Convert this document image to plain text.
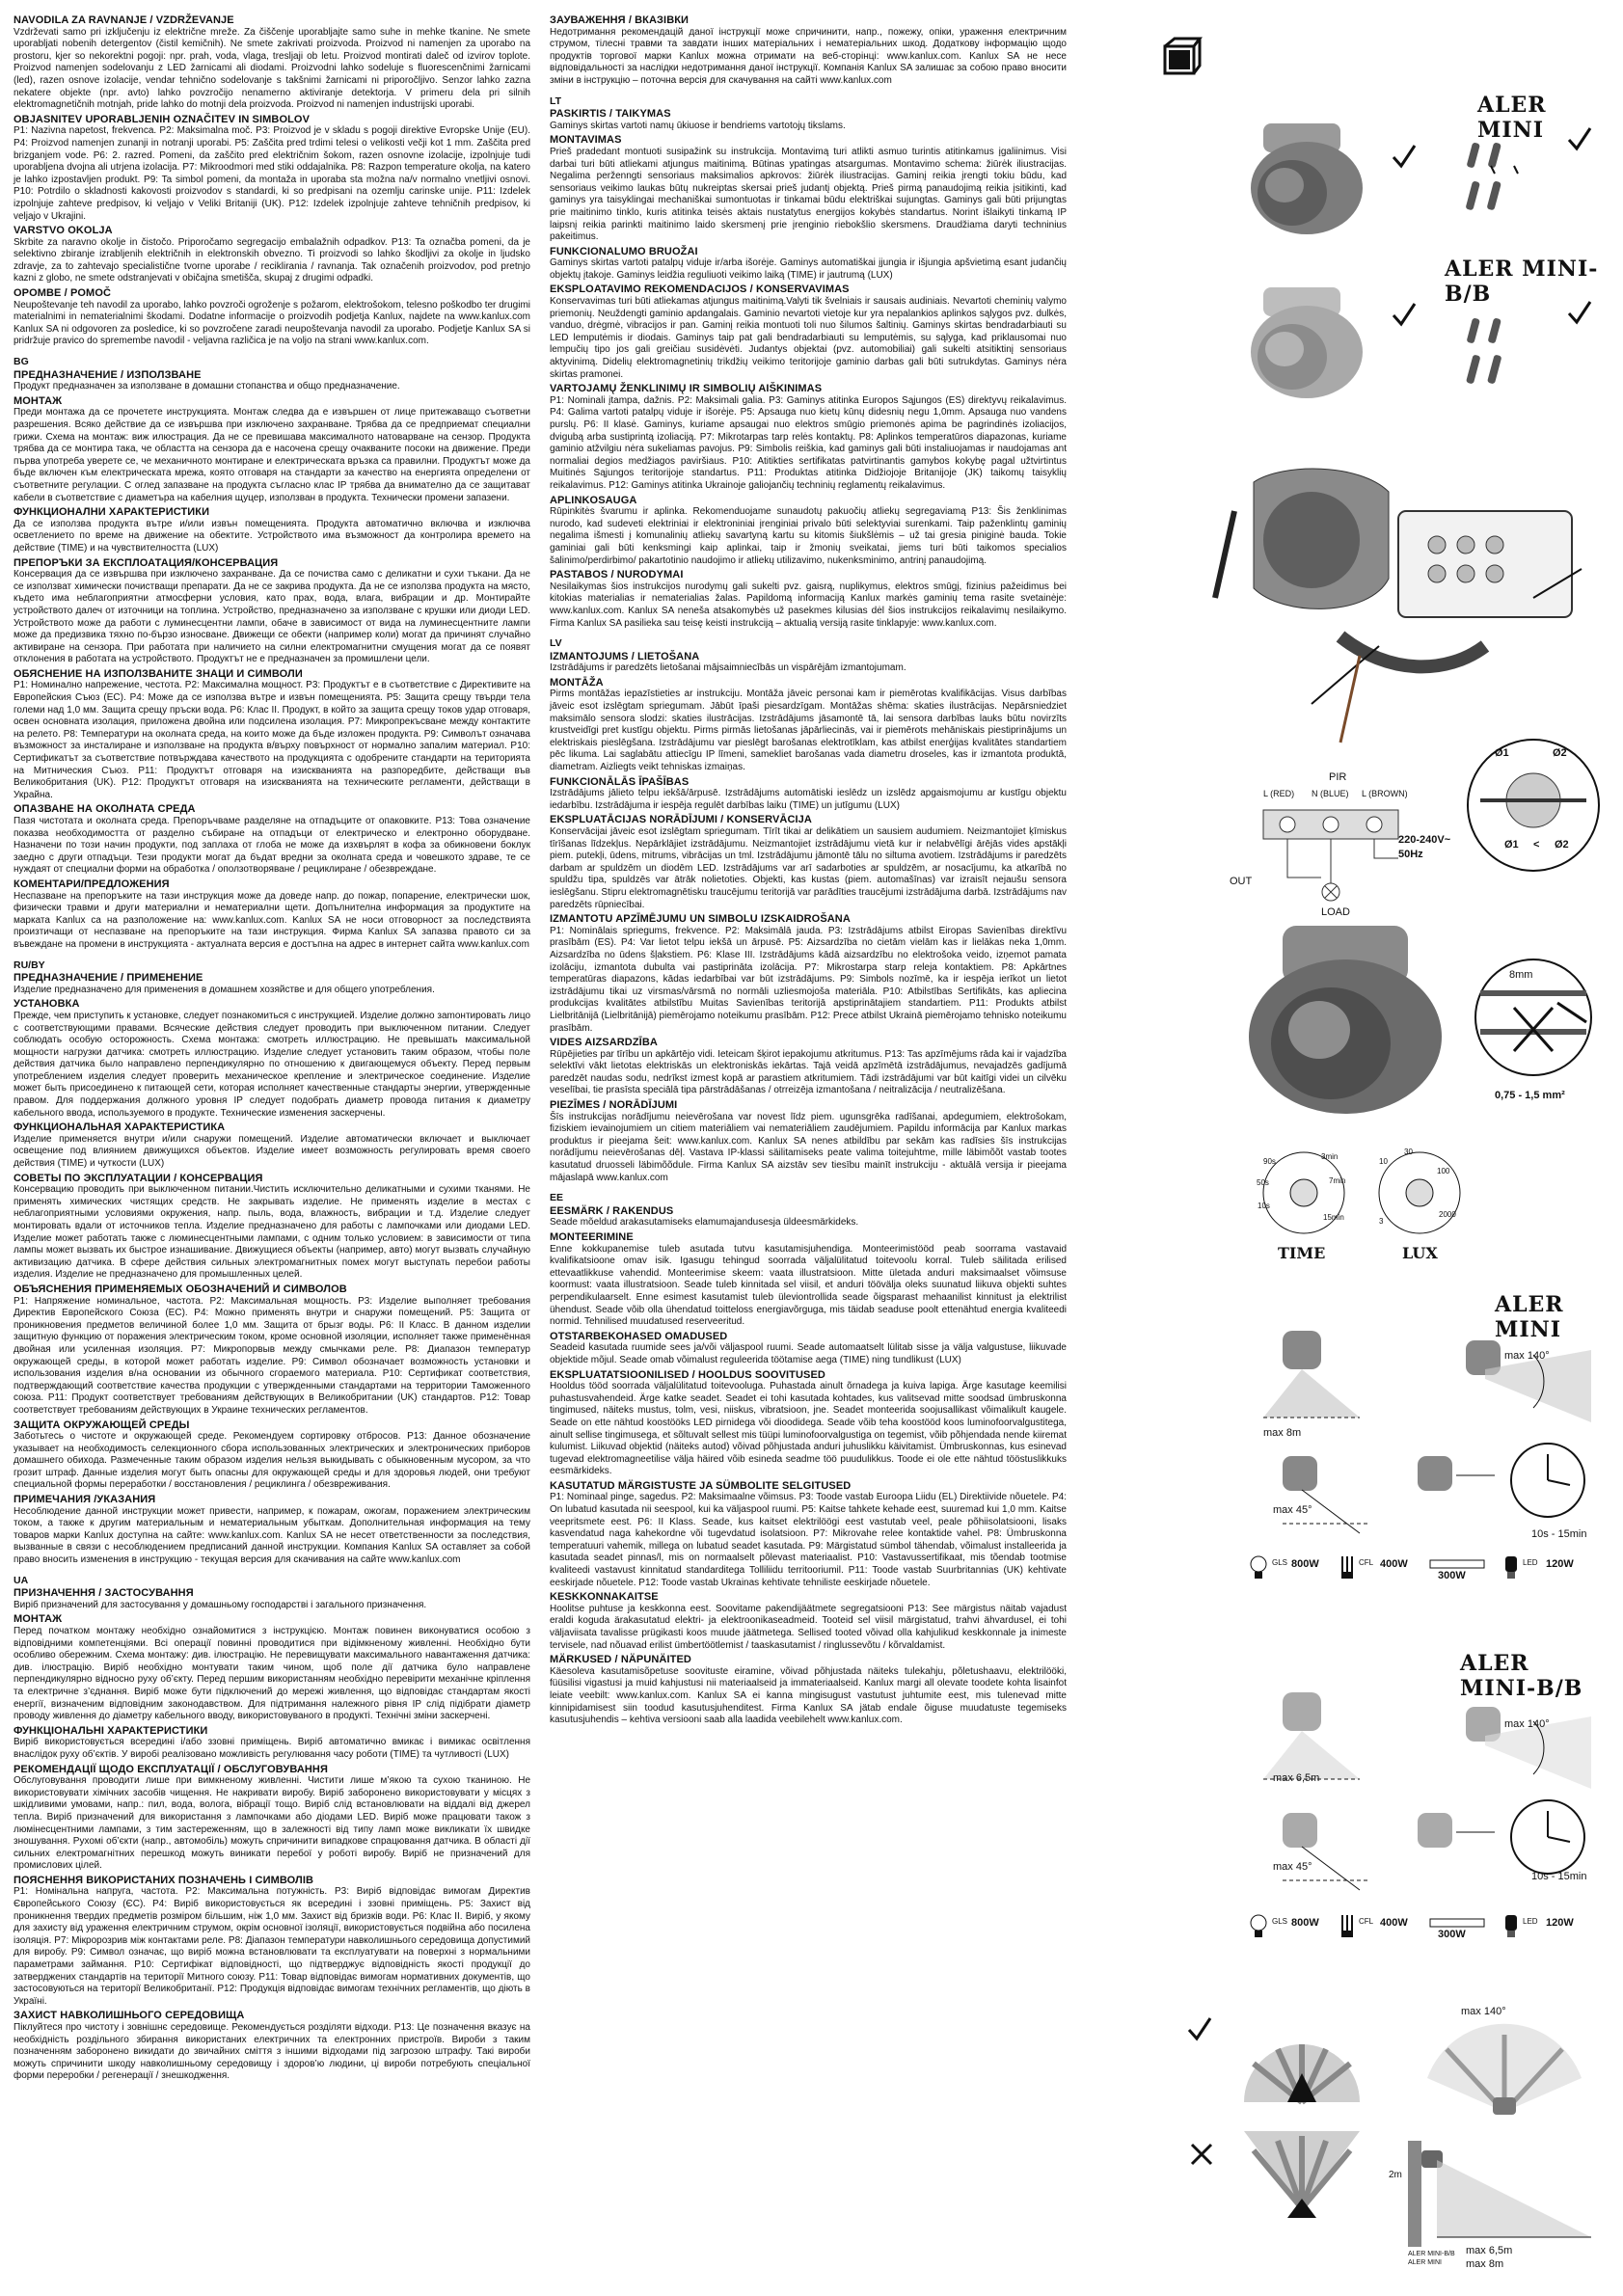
NAVODILA ZA RAVNANJE / VZDRŽEVANJE

Vzdrževati samo pri izključenju iz električne mreže. Za čiščenje uporabljajte samo suhe in mehke tkanine. Ne smete uporabljati nobenih detergentov (čistil kemičnih). Ne smete zakrivati proizvoda. Proizvod ni namenjen za uporabo na prostoru, kjer so nekorektni pogoji: npr. prah, voda, vlaga, tresljaji ob letu. Proizvod montirati daleč od izvirov toplote. Proizvod namenjen sodelovanju z LED žarnicami ali diodami. Proizvodni lahko sodeluje s fluorescenčnimi žarnicami (led), razen osnove izolacije, vendar tehnično sodelovanje s takšnimi žarnicami ni priporočljivo. Senzor lahko zazna nekatere objekte (npr. avto) lahko povzročijo nenamerno aktiviranje detektorja. V primeru dela pri silnih elektromagnetičnih motnjah, pride lahko do motnji dela proizvoda. Proizvod ni namenjen industrijski uporabi.

OBJASNITEV UPORABLJENIH OZNAČITEV IN SIMBOLOV

P1: Nazivna napetost, frekvenca. P2: Maksimalna moč. P3: Proizvod je v skladu s pogoji direktive Evropske Unije (EU). P4: Proizvod namenjen zunanji in notranji uporabi. P5: Zaščita pred trdimi telesi o velikosti večji kot 1 mm. Zaščita pred brizganjem vode. P6: 2. razred. Pomeni, da zaščito pred električnim šokom, razen osnovne izolacije, izpolnjuje tudi uporabljena dvojna ali utrjena izolacija. P7: Mikroodmori med stiki oddajalnika. P8: Razpon temperature okolja, na katero je lahko izpostavljen produkt. P9: Ta simbol pomeni, da montaža in uporaba sta možna na/v normalno vnetljivi osnovi. P10: Potrdilo o skladnosti kakovosti proizvodov s standardi, ki so predpisani na ozemlju carinske unije. P11: Izdelek izpolnjuje zahteve predpisov, ki veljajo v Veliki Britaniji (UK). P12: Izdelek izpolnjuje zahteve tehničnih predpisov, ki veljajo v Ukrajini.

VARSTVO OKOLJA

Skrbite za naravno okolje in čistočo. Priporočamo segregacijo embalažnih odpadkov. P13: Ta označba pomeni, da je selektivno zbiranje izrabljenih električnih in elektronskih obvezno. Ti proizvodi so lahko škodljivi za okolje in ljudsko zdravje, za to zahtevajo specialistične tvorne uporabe / reciklirania / ravnanja. Tak označenih proizvodov, pod pretnjo kazni z globo, ne smete odstranjevati v običajna smetišča, skupaj z drugimi odpadki.

OPOMBE / POMOČ

Neupoštevanje teh navodil za uporabo, lahko povzroči ogroženje s požarom, elektrošokom, telesno poškodbo ter drugimi materialnimi in nematerialnimi škodami. Dodatne informacije o proizvodih podjetja Kanlux, najdete na www.kanlux.com Kanlux SA ni odgovoren za posledice, ki so povzročene zaradi neupoštevanja navodil za uporabo. Podjetje Kanlux SA si pridržuje pravico do spremembe navodil - veljavna različica je na voljo na strani www.kanlux.com.

BG
ПРЕДНАЗНАЧЕНИЕ / ИЗПОЛЗВАНЕ

Продукт предназначен за използване в домашни стопанства и общо предназначение.

МОНТАЖ

Преди монтажа да се прочетете инструкцията. Монтаж следва да е извършен от лице притежаващо съответни разрешения. Всяко действие да се извършва при изключено захранване. Трябва да се предприемат специални грижи. Схема на монтаж: виж илюстрация. Да не се превишава максималното натоварване на сензор. Продукта трябва да се монтира така, че областта на сензора да е насочена срещу очакваните посоки на движение. Преди първа употреба уверете се, че механичното монтиране и електрическата връзка са правилни. Продуктът може да бъде включен към електрическата мрежа, която отговаря на стандарти за качество на енергията определени от съответните регулации. С оглед запазване на продукта съгласно клас IP трябва да внимателно да се защитават кабели в съответствие с диаметъра на кабелния щуцер, използван в продукта. Технически промени запазени.

ФУНКЦИОНАЛНИ ХАРАКТЕРИСТИКИ

Да се използва продукта вътре и/или извън помещенията. Продукта автоматично включва и изключва осветлението по време на движение на обектите. Устройството има възможност да контролира времето на действие (TIME) и на чувствителността (LUX)

ПРЕПОРЪКИ ЗА ЕКСПЛОАТАЦИЯ/КОНСЕРВАЦИЯ

Консервация да се извършва при изключено захранване. Да се почиства само с деликатни и сухи тъкани. Да не се използват химически почистващи препарати. Да не се закрива продукта. Да не се използва продукта на място, където има неблагоприятни атмосферни условия, като прах, вода, влага, вибрации и др. Монтирайте устройството далеч от източници на топлина. Устройство, предназначено за използване с крушки или диоди LED. Устройството може да работи с луминесцентни лампи, обаче в зависимост от вида на луминесцентните лампи може да предизвика тяхно по-бързо износване. Движещи се обекти (например коли) могат да причинят случайно активиране на сензора. При работата при наличието на силни електромагнитни смущения могат да се появят отклонения в работата на устройството. Продуктът не е предназначен за промишлени цели.

ОБЯСНЕНИЕ НА ИЗПОЛЗВАНИТЕ ЗНАЦИ И СИМВОЛИ

P1: Номинално напрежение, честота. P2: Максимална мощност. P3: Продуктът е в съответствие с Директивите на Европейския Съюз (ЕС). P4: Може да се използва вътре и извън помещенията. P5: Защита срещу твърди тела големи над 1,0 мм. Защита срещу пръски вода. P6: Клас II. Продукт, в който за защита срещу токов удар отговаря, освен основната изолация, приложена двойна или подсилена изолация. P7: Микропрекъсване между контактите на релето. P8: Температури на околната среда, на които може да бъде изложен продукта. P9: Символът означава възможност за инсталиране и използване на продукта в/върху повърхност от нормално запалим материал. P10: Сертификатът за съответствие потвърждава качеството на продукцията с одобрените стандарти на територията на Митническия Съюз. P11: Продуктът отговаря на изискванията на разпоредбите, действащи във Великобритания (UK). P12: Продуктът отговаря на изискванията на техническите регламенти, действащи в Украйна.

ОПАЗВАНЕ НА ОКОЛНАТА СРЕДА

Пазя чистотата и околната среда. Препоръчваме разделяне на отпадъците от опаковките. P13: Това означение показва необходимостта от разделно събиране на отпадъци от електрическо и електронно оборудване. Назначени по този начин продукти, под заплаха от глоба не може да изхвърлят в кофа за обикновени боклук заедно с други отпадъци. Тези продукти могат да бъдат вредни за околната среда и човешкото здраве, те се нуждаят от специални форми на обработка / оползотворяване / рециклиране / обезвреждане.

КОМЕНТАРИ/ПРЕДЛОЖЕНИЯ

Неспазване на препоръките на тази инструкция може да доведе напр. до пожар, попарение, електрически шок, физически травми и други материални и нематериални щети. Допълнителна информация за продуктите на марката Kanlux са на разположение на: www.kanlux.com. Kanlux SA не носи отговорност за последствията произтичащи от неспазване на препоръките на тази инструкция. Фирма Kanlux SA запазва правото си за въвеждане на промени в инструкцията - актуалната версия е достъпна на адрес в интернет сайта www.kanlux.com

RU/BY
ПРЕДНАЗНАЧЕНИЕ / ПРИМЕНЕНИЕ

Изделие предназначено для применения в домашнем хозяйстве и для общего употребления.

УСТАНОВКА

Прежде, чем приступить к установке, следует познакомиться с инструкцией. Изделие должно заmонтировать лицо с соответствующими правами. Всяческие действия следует проводить при выключенном питании. Следует соблюдать особую осторожность. Схема монтажа: смотреть иллюстрацию. Не превышать максимальной мощности нагрузки датчика: смотреть иллюстрацию. Изделие следует установить таким образом, чтобы поле действия датчика было направлено перпендикулярно по отношению к двигающемуся объекту. Перед первым употреблением изделия следует проверить механическое крепление и электрическое соединение. Изделие может быть присоединено к питающей сети, которая исполняет качественные стандарты энергии, утвержденные правом. Для поддержания должного уровня IP следует подобрать диаметр провода питания к диаметру кабельного ввода, используемого в продукте. Технические изменения заскерчены.

ФУНКЦИОНАЛЬНАЯ ХАРАКТЕРИСТИКА

Изделие применяется внутри и/или снаружи помещений. Изделие автоматически включает и выключает освещение под влиянием движущихся объектов. Изделие имеет возможность регулировать время своего действия (TIME) и чуткости (LUX)

СОВЕТЫ ПО ЭКСПЛУАТАЦИИ / КОНСЕРВАЦИЯ

Консервацию проводить при выключенном питании.Чистить исключительно деликатными и сухими тканями. Не применять химических чистящих средств. Не закрывать изделие. Не применять изделие в местах с неблагоприятными условиями окружения, напр. пыль, вода, влажность, вибрации и т.д. Изделие следует монтировать вдали от источников тепла. Изделие предназначено для работы с лампочками или диодами LED. Изделие может работать также с люминесцентными лампами, с одним только условием: в зависимости от типа лампы может вызвать их быстрое изнашивание. Движущиеся объекты (например, авто) могут вызвать случайную активизацию датчика. В сфере действия сильных электромагнитных помех могут выступать перебои работы изделия. Изделие не предназначено для промышленных целей.

ОБЪЯСНЕНИЯ ПРИМЕНЯЕМЫХ ОБОЗНАЧЕНИЙ И СИМВОЛОВ

P1: Напряжение номинальное, частота. P2: Максимальная мощность. P3: Изделие выполняет требования Директив Европейского Союза (ЕС). P4: Можно применять внутри и снаружи помещений. P5: Защита от проникновения предметов величиной более 1,0 мм. Защита от брызг воды. P6: II Класс. В данном изделии защитную функцию от поражения электрическим током, кроме основной изоляции, исполняет также применённая двойная или усиленная изоляция. P7: Микропорвыв между смычками реле. P8: Диапазон температур окружающей среды, в которой может работать изделие. P9: Символ обозначает возможность установки и использования изделия в/на основании из обычного сгораемого материала. P10: Сертификат соответствия, подтверждающий соответствие качества продукции с утвержденными стандартами на территории Таможенного союза. P11: Продукт соответствует требованиям действующих в Великобритании (UK) стандартов. P12: Товар соответствует требованиям действующих в Украине технических регламентов.

ЗАЩИТА ОКРУЖАЮЩЕЙ СРЕДЫ

Заботьтесь о чистоте и окружающей среде. Рекомендуем сортировку отбросов. P13: Данное обозначение указывает на необходимость селекционного сбора использованных электрических и электронических приборов домашнего обихода. Размеченные таким образом изделия нельзя выкидывать с обыкновенным мусором, за что грозит штраф. Данные изделия могут быть опасны для окружающей среды и для здоровья людей, они требуют специальной формы переработки / восстановления / рециклинга / обезвреживания.

ПРИМЕЧАНИЯ /УКАЗАНИЯ

Несоблюдение данной инструкции может привести, например, к пожарам, ожогам, поражением электрическим током, а также к другим материальным и нематериальным убыткам. Дополнительная информация на тему товаров марки Kanlux доступна на сайте: www.kanlux.com. Kanlux SA не несет ответственности за последствия, вызванные в связи с несоблюдением предписаний данной инструкции. Компания Kanlux SA оставляет за собой право вносить изменения в инструкцию - текущая версия для скачивания на сайте www.kanlux.com

UA
ПРИЗНАЧЕННЯ / ЗАСТОСУВАННЯ

Виріб призначений для застосування у домашньому господарстві і загального призначення.

МОНТАЖ

Перед початком монтажу необхідно ознайомитися з інструкцією. Монтаж повинен виконуватися особою з відповідними компетенціями. Всі операції повинні проводитися при відімкненому живленні. Необхідно бути особливо обережним. Схема монтажу: див. ілюстрацію. Не перевищувати максимального навантаження датчика: див. ілюстрацію. Виріб необхідно монтувати таким чином, щоб поле дії датчика було направлене перпендикулярно відносно руху об’єкту. Перед першим використанням необхідно перевірити механічне кріплення та електричне з’єднання. Виріб може бути підключений до мережі живлення, що відповідає стандартам якості енергії, визначеним відповідним законодавством. Для підтримання належного рівня IP слід підібрати діаметр проводу живлення до діаметру кабельного вводу, використовуваного в продукті. Технічні зміни заскерчені.

ФУНКЦІОНАЛЬНІ ХАРАКТЕРИСТИКИ

Виріб використовується всередині і/або ззовні приміщень. Виріб автоматично вмикає і вимикає освітлення внаслідок руху об’єктів. У виробі реалізовано можливість регулювання часу роботи (TIME) та чутливості (LUX)

РЕКОМЕНДАЦІЇ ЩОДО ЕКСПЛУАТАЦІЇ / ОБСЛУГОВУВАННЯ

Обслуговування проводити лише при вимкненому живленні. Чистити лише м’якою та сухою тканиною. Не використовувати хімічних засобів чищення. Не накривати виробу. Виріб заборонено використовувати у місцях з шкідливими умовами, напр.: пил, вода, волога, вібрації тощо. Виріб слід встановлювати на віддалі від джерел тепла. Виріб призначений для використання з лампочками або діодами LED. Виріб може працювати також з люмінесцентними лампами, з тим застереженням, що в залежності від типу ламп може викликати їх швидке зношування. Рухомі об’єкти (напр., автомобіль) можуть спричинити випадкове спрацювання датчика. В області дії сильних електромагнітних перешкод можуть виникати перебої у роботі виробу. Виріб не призначений для промислових цілей.

ПОЯСНЕННЯ ВИКОРИСТАНИХ ПОЗНАЧЕНЬ І СИМВОЛІВ

P1: Номінальна напруга, частота. P2: Максимальна потужність. P3: Виріб відповідає вимогам Директив Європейського Союзу (ЄС). P4: Виріб використовується як всередині і ззовні приміщень. P5: Захист від проникнення твердих предметів розміром більшим, ніж 1,0 мм. Захист від бризків води. P6: Клас II. Виріб, у якому для захисту від ураження електричним струмом, окрім основної ізоляції, використовується подвійна або посилена ізоляція. P7: Мікророзрив між контактами реле. P8: Діапазон температури навколишнього середовища допустимий для виробу. P9: Символ означає, що виріб можна встановлювати та експлуатувати на поверхні з нормальними параметрами займання. P10: Сертифікат відповідності, що підтверджує відповідність якості продукції до затверджених стандартів на території Митного союзу. P11: Товар відповідає вимогам нормативних документів, що застосовуються на території Великобританії. P12: Продукція відповідає вимогам технічних регламентів, що діють в Україні.

ЗАХИСТ НАВКОЛИШНЬОГО СЕРЕДОВИЩА

Піклуйтеся про чистоту і зовнішнє середовище. Рекомендується розділяти відходи. P13: Це позначення вказує на необхідність роздільного збирання використаних електричних та електронних пристроїв. Вироби з таким позначенням заборонено викидати до звичайних сміття з іншими відходами під загрозою штрафу. Такі вироби можуть спричинити шкоду навколишньому середовищу і здоров’ю людини, ці вироби потребують спеціальної форми переробки / регенерації / знешкодження.

ЗАУВАЖЕННЯ / ВКАЗІВКИ

Недотримання рекомендацій даної інструкції може спричинити, напр., пожежу, опіки, ураження електричним струмом, тілесні травми та завдати інших матеріальних і нематеріальних шкод. Додаткову інформацію щодо продуктів торгової марки Kanlux можна отримати на веб-сторінці: www.kanlux.com. Kanlux SA не несе відповідальності за наслідки недотримання даної інструкції. Компанія Kanlux SA залишає за собою право вносити зміни в інструкцію – поточна версія для скачування на сайті www.kanlux.com

LT
PASKIRTIS / TAIKYMAS

Gaminys skirtas vartoti namų ūkiuose ir bendriems vartotojų tikslams.

MONTAVIMAS

Prieš pradedant montuoti susipažink su instrukcija. Montavimą turi atlikti asmuo turintis atitinkamus įgaliinimus. Visi darbai turi būti atliekami atjungus maitinimą. Būtinas ypatingas atsargumas. Montavimo schema: žiūrėk iliustracijas. Negalima perženngti sensoriaus maksimalios apkrovos: žiūrėk iliustracijas. Gaminį reikia įrengti tokiu būdu, kad sensoriaus veikimo laukas būtų nukreiptas skersai prieš judantį objektą. Prieš pirmą panaudojimą reikia įsitikinti, kad gaminys yra taisyklingai mechaniškai sumontuotas ir tinkamai būdu elektriškai sujungtas. Gaminys gali būti prijungtas prie maitinimo tinklo, kuris atitinka teisės aktais nustatytus energijos kokybės standartus. Norint išlaikyti tinkamą IP laipsnį reikia parinkti maitinimo laido skersmenį prie įrenginio riebokšlio skersmens. Draudžiama daryti techninius pakeitimus.

FUNKCIONALUMO BRUOŽAI

Gaminys skirtas vartoti patalpų viduje ir/arba išorėje. Gaminys automatiškai įjungia ir išjungia apšvietimą esant judančių objektų įtakoje. Gaminys leidžia reguliuoti veikimo laiką (TIME) ir jautrumą (LUX)

EKSPLOATAVIMO REKOMENDACIJOS / KONSERVAVIMAS

Konservavimas turi būti atliekamas atjungus maitinimą.Valyti tik švelniais ir sausais audiniais. Nevartoti cheminių valymo priemonių. Neuždengti gaminio apdangalais. Gaminio nevartoti vietoje kur yra nepalankios aplinkos sąlygos pvz. dulkės, vanduo, drėgmė, vibracijos ir pan. Gaminį reikia montuoti toli nuo šilumos šaltinių. Gaminys skirtas bendradarbiauti su LED lemputėmis ir diodais. Gaminys taip pat gali bendradarbiauti su lemputėmis, su sąlyga, kad priklausomai nuo lempučių tipo jos gali greičiau susidėvėti. Judantys objektai (pvz. automobiliai) gali sukelti atsitiktinį sensoriaus aktyvinimą. Didelių elektromagnetinių trikdžių veikimo teritorijoje gaminio darbas gali būti sutrukdytas. Gaminys nėra skirtas pramonei.

VARTOJAMŲ ŽENKLINIMŲ IR SIMBOLIŲ AIŠKINIMAS

P1: Nominali įtampa, dažnis. P2: Maksimali galia. P3: Gaminys atitinka Europos Sąjungos (ES) direktyvų reikalavimus. P4: Galima vartoti patalpų viduje ir išorėje. P5: Apsauga nuo kietų kūnų didesnių negu 1,0mm. Apsauga nuo vandens purslų. P6: II klasė. Gaminys, kuriame apsaugai nuo elektros smūgio priemonės apima be pagrindinės izoliacijos, dvigubą arba sustiprintą izoliaciją. P7: Mikrotarpas tarp relės kontaktų. P8: Aplinkos temperatūros diapazonas, kuriame gaminio atžvilgiu nėra sukeliamas pavojus. P9: Simbolis reiškia, kad gaminys gali būti instaliuojamas ir naudojamas ant normaliai degios medžiagos paviršiaus. P10: Atitikties sertifikatas patvirtinantis gamybos kokybę pagal užtvirtintus Muitinės Sąjungos teritorijoje standartus. P11: Produktas atitinka Didžiojoje Britanijoje (JK) taikomų taisyklių reikalavimus. P12: Gaminys atitinka Ukrainoje galiojančių techninių reglamentų reikalavimus.

APLINKOSAUGA

Rūpinkitės švarumu ir aplinka. Rekomenduojame sunaudotų pakuočių atliekų segregaviamą P13: Šis ženklinimas nurodo, kad sudeveti elektriniai ir elektroniniai įrenginiai privalo būti selektyviai surenkami. Taip paženklintų gaminių negalima išmesti į komunalinių atliekų savartyną kartu su kitomis šiukšlėmis – už tai gresia piniginė bauda. Tokie gaminiai gali būti kenksmingi kaip aplinkai, taip ir žmonių sveikatai, jiems turi būti taikomos specialios šalinimo/perdirbimo/ pakartotinio naudojimo ir atliekų utilizavimo, nukenksminimo, antrinį panaudojimą.

PASTABOS / NURODYMAI

Nesilaikymas šios instrukcijos nurodymų gali sukelti pvz. gaisrą, nuplikymus, elektros smūgį, fizinius pažeidimus bei kitokias materialias ir nematerialias žalas. Papildomą informaciją Kanlux markės gaminių tema rasite svetainėje: www.kanlux.com. Kanlux SA neneša atsakomybės už pasekmes kilusias dėl šios instrukcijos reikalavimų nesilaikymo. Firma Kanlux SA pasilieka sau teisę keisti instrukciją – aktualią versiją rasite tinklapyje: www.kanlux.com.

LV
IZMANTOJUMS / LIETOŠANA

Izstrādājums ir paredzēts lietošanai mājsaimniecībās un vispārējām izmantojumam.

MONTĀŽA

Pirms montāžas iepazīstieties ar instrukciju. Montāža jāveic personai kam ir piemērotas kvalifikācijas. Visus darbības jāveic esot izslēgtam spriegumam. Jābūt īpaši piesardzīgam. Montāžas shēma: skaties ilustrācijas. Nepārsniedziet maksimālo sensora slodzi: skaties ilustrācijas. Izstrādājums jāsamontē tā, lai sensora darbības lauks būtu novirzīts krustveidīgi pret kustīgu objektu. Pirms pirmās lietošanas jāpārliecinās, vai ir piemērots mehāniskais piestiprinājums un elektriskais pieslēgšana. Izstrādājumu var pieslēgt barošanas elektrotīklam, kas atbilst enerģijas kvalitātes standartiem pēc likuma. Lai saglabātu attiecīgu IP līmeni, samekliet barošanas vada diametru droseles, kas ir izmantota produktā, diametram. Aizliegts veikt tehniskas izmaiņas.

FUNKCIONĀLĀS ĪPAŠĪBAS

Izstrādājums jālieto telpu iekšā/ārpusē. Izstrādājums automātiski ieslēdz un izslēdz apgaismojumu ar kustīgu objektu iedarbību. Izstrādājuma ir iespēja regulēt darbības laiku (TIME) un jutīgumu (LUX)

EKSPLUATĀCIJAS NORĀDĪJUMI / KONSERVĀCIJA

Konservācijai jāveic esot izslēgtam spriegumam. Tīrīt tikai ar delikātiem un sausiem audumiem. Neizmantojiet ķīmiskus tīrīšanas līdzekļus. Nepārklājiet izstrādājumu. Neizmantojiet izstrādājumu vietā kur ir nelabvēlīgi ārējās vides apstākļi piem. putekļi, ūdens, mitrums, vibrācijas un tml. Izstrādājumu jāmontē tālu no siltuma avotiem. Izstrādājums ir paredzēts darbam ar spuldzēm un diodēm LED. Izstrādājums var arī sadarboties ar spuldzēm, ar nosacījumu, ka atkarībā no spuldžu tipa, spuldzēs var ātrāk nolietoties. Objekti, kas kustas (piem. automašīnas) var izraisīt nejaušu sensora ieslēgšanu. Stipru elektromagnētisku traucējumu teritorijā var parādīties traucējumi izstrādājuma darbā. Izstrādājums nav paredzēts rūpniecībai.

IZMANTOTU APZĪMĒJUMU UN SIMBOLU IZSKAIDROŠANA

P1: Nominālais spriegums, frekvence. P2: Maksimālā jauda. P3: Izstrādājums atbilst Eiropas Savienības direktīvu prasībām (ES). P4: Var lietot telpu iekšā un ārpusē. P5: Aizsardzība no cietām vielām kas ir lielākas neka 1,0mm. Aizsardzība no ūdens šļakstiem. P6: Klase III. Izstrādājums kādā aizsardzību no elektrošoka veido, izņemot pamata izolāciju, izmantota dubulta vai pastiprināta izolācija. P7: Mikrostarpa starp releja kontaktiem. P8: Apkārtnes temperatūras diapazons, kādas iedarbībai var būt izstrādājums. P9: Simbols nozīmē, ka ir iespēja ierīkot un lietot izstrādājumu tikai uz virsmas/vārsmā no normāli uzliesmojoša materiāla. P10: Atbilstības Sertifikāts, kas apliecina produkcijas kvalitātes atbilstību Muitas Savienības teritorijā apstiprinātajiem standartiem. P11: Produkts atbilst Lielbritānijā (Lielbritānijā) piemērojamo noteikumu prasībām. P12: Prece atbilst Ukrainā piemērojamo tehnisko noteikumu prasībām.

VIDES AIZSARDZĪBA

Rūpējieties par tīrību un apkārtējo vidi. Ieteicam šķirot iepakojumu atkritumus. P13: Tas apzīmējums rāda kai ir vajadzība selektīvi vākt lietotas elektriskās un elektroniskās iekārtas. Tajā veidā apzīmētā izstrādājumus, nevajadzēs gadījumā paredzēt naudas sodu, nedrīkst izmest kopā ar parastiem atkritumiem. Tādi izstrādājumi var būt kaitīgi videi un cilvēku veselībai, tie prasīsta speciālā tipa pārstrādāšanas / otrreizēja izmantošana / neitralizācija / neutralizēšana.

PIEZĪMES / NORĀDĪJUMI

Šīs instrukcijas norādījumu neievērošana var novest līdz piem. ugunsgrēka radīšanai, apdegumiem, elektrošokam, fiziskiem ievainojumiem un citiem materiāliem vai nemateriāliem zaudējumiem. Papildu informācija par Kanlux markas produktus ir pieejama šeit: www.kanlux.com. Kanlux SA nenes atbildību par sekām kas radīsies šīs instrukcijas norādījumu neievērošanas dēļ. Vastava IP-klassi säilitamiseks peate valima toitejuhtme, mille läbimõõt vastab tootes kasutatud druosseli läbimõõdule. Firma Kanlux SA aizstāv sev tiesību mainīt instrukciju - aktuālā versija ir pieejama mājaslapā www.kanlux.com

EE
EESMÄRK / RAKENDUS

Seade mõeldud arakasutamiseks elamumajandusesja üldeesmärkideks.

MONTEERIMINE

Enne kokkupanemise tuleb asutada tutvu kasutamisjuhendiga. Monteerimistööd peab soorrama vastavaid kvalifikatsioone omav isik. Igasugu tehingud soorrada väljalülitatud toitevoolu korral. Tuleb säilitada erilised ettevaatlikkuse vahendid. Monteerimise skeem: vaata illustratsioon. Mitte ületada anduri maksimaalset võimsuse koormust: vaata illustratsioon. Seade tuleb kinnitada sel viisil, et anduri töövälja oleks suunatud liikuva objekti suhtes perpendikulaarselt. Enne esimest kasutamist tuleb üleviontrollida seade õigsparast mehaanilist kinnitust ja elektrilist ühendust. Seade võib olla ühendatud toitteloss energiavõrguga, mis täidab seaduse poolt ettenähtud energia kvaliteedi normid. Tehnilised muudatused reserveeritud.

OTSTARBEKOHASED OMADUSED

Seadeid kasutada ruumide sees ja/või väljaspool ruumi. Seade automaatselt lülitab sisse ja välja valgustuse, liikuvade objektide mõjul. Seade omab võimalust reguleerida töötamise aega (TIME) ning tundlikust (LUX)

EKSPLUATATSIOONILISED / HOOLDUS SOOVITUSED

Hooldus tööd soorrada väljalülitatud toitevooluga. Puhastada ainult õrnadega ja kuiva lapiga. Ärge kasutage keemilisi puhastusvahendeid. Ärge katke seadet. Seadet ei tohi kasutada kohtades, kus valitsevad mitte soodsad ümbruskonna tingimused, näiteks mustus, tolm, vesi, niiskus, vibratsioon, jne. Seadet monteerida soojusallikast võimalikult kaugele. Seade on ette nähtud koostööks LED pirnidega või dioodidega. Seade võib teha koostööd koos luminofoorvalgustitega, ainult sellise tingimusega, et sõltuvalt sellest mis tüüpi luminofoorvalgustiga on tegemist, võib põhjendada nende kiiremat kulumist. Liikuvad objektid (näiteks autod) võivad põhjustada anduri juhuslikku käivitamist. Ümbruskonnas, kus esinevad tugevad elektromagneetilise välja häired võib esineda seadme töö puudulikkus. Toode ei ole ette nähtud tööstuslikkuks eesmärkideks.

KASUTATUD MÄRGISTUSTE JA SÜMBOLITE SELGITUSED

P1: Nominaal pinge, sagedus. P2: Maksimaalne võimsus. P3: Toode vastab Euroopa Liidu (EL) Direktiivide nõuetele. P4: On lubatud kasutada nii seespool, kui ka väljaspool ruumi. P5: Kaitse tahkete kehade eest, suuremad kui 1,0 mm. Kaitse veepritsmete eest. P6: II Klass. Seade, kus kaitset elektrilöögi eest vastutab veel, peale põhiisolatsiooni, lisaks kasvendatud naga kahekordne või tugevdatud isolatsioon. P7: Mikrovahe relee kontaktide vahel. P8: Ümbruskonna temperatuuri vahemik, millega on lubatud seadet kasutada. P9: Märgistatud sümbol tähendab, võimalust installeerida ja kasutada seadet pinnas/l, mis on normaalselt põlevast materiaalist. P10: Vastavussertifikaat, mis tõendab tootmise kvaliteedi vastavust kinnitatud standarditega Tolliliidu territooriumil. P11: Toode vastab Suurbritannias (UK) kehtivate eeskirjade nõuetele. P12: Toode vastab Ukrainas kehtivate tehniliste eeskirjade nõuetele.

KESKKONNAKAITSE

Hoolitse puhtuse ja keskkonna eest. Soovitame pakendijäätmete segregatsiooni P13: See märgistus näitab vajadust eraldi koguda ärakasutatud elektri- ja elektroonikaseadmeid. Tooteid sel viisil märgistatud, trahvi ähvardusel, ei tohi väljaviisata tavalisse prügikasti koos muude jäätmetega. Sellised tooted võivad olla kahjulikud keskkonnale ja inimeste tervisele, nad nõuavad erilist ümbertöötlemist / taaskasutamist / ringlussevõtu / kõrvaldamist.

MÄRKUSED / NÄPUNÄITED

Käesoleva kasutamisõpetuse soovituste eiramine, võivad põhjustada näiteks tulekahju, põletushaavu, elektrilööki, füüsilisi vigastusi ja muid kahjustusi nii materiaalseid ja immateriaalseid. Kanlux margi all olevate toodete kohta lisainfot leiate veebilt: www.kanlux.com. Kanlux SA ei kanna mingisugust vastutust juhtumite eest, mis tulenevad mitte kinnipidamisest siin toodud kasutusjuhenditest. Firma Kanlux SA jätab endale õiguse muudatuste tegemiseks kasutusjuhendis – kehtiva versiooni saab alla laadida veebilehelt www.kanlux.com.

ALER MINI
ALER MINI-B/B
PIR
L (RED) N (BLUE) L (BROWN)
OUT
LOAD
220-240V~
50Hz
Ø1	Ø2
Ø1 < Ø2
8mm
0,75 - 1,5 mm²
TIME	LUX
90s
50s
10s
3min
7min
15min
10
30
100
2000
3
ALER MINI
max 8m
max 140°
max 45°
10s - 15min
GLS 800W	CFL 400W
300W
LED 120W
ALER MINI-B/B
max 6,5m
max 140°
max 45°
10s - 15min
GLS 800W	CFL 400W
300W
LED 120W
max 140°
2m
ALER MINI-B/B
ALER MINI
max 6,5m
max 8m
